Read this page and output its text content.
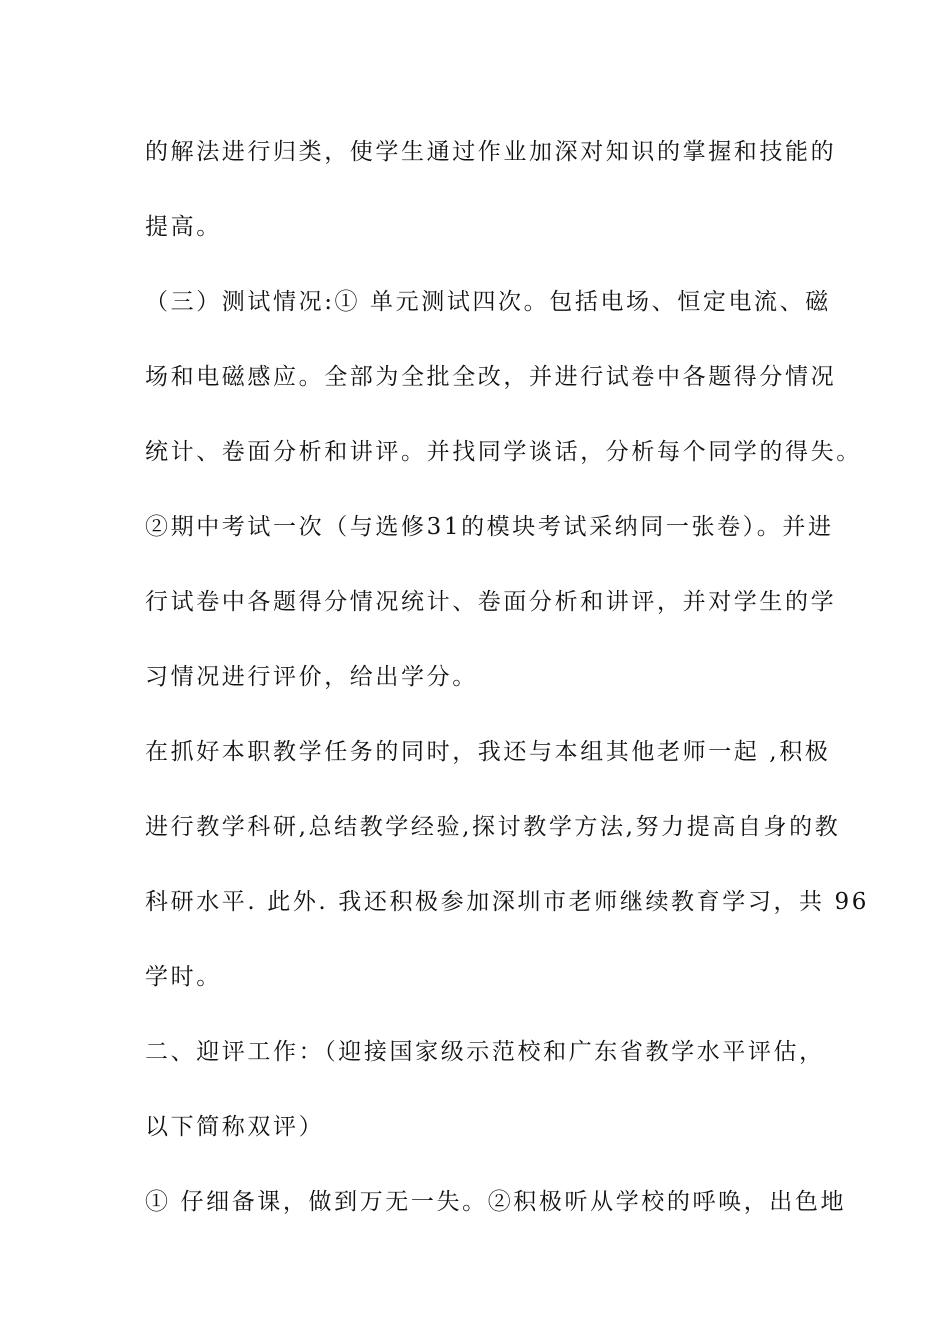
的解法进行归类，使学生通过作业加深对知识的掌握和技能的
提高。
（三）测试情况:① 单元测试四次。包括电场、恒定电流、磁
场和电磁感应。全部为全批全改，并进行试卷中各题得分情况
统计、卷面分析和讲评。并找同学谈话，分析每个同学的得失。
②期中考试一次（与选修31的模块考试采纳同一张卷）。并进
行试卷中各题得分情况统计、卷面分析和讲评，并对学生的学
习情况进行评价，给出学分。
在抓好本职教学任务的同时，我还与本组其他老师一起 ,积极
进行教学科研,总结教学经验,探讨教学方法,努力提高自身的教
科研水平. 此外. 我还积极参加深圳市老师继续教育学习，共 96
学时。
二、迎评工作：（迎接国家级示范校和广东省教学水平评估，
以下简称双评）
① 仔细备课，做到万无一失。②积极听从学校的呼唤，出色地
